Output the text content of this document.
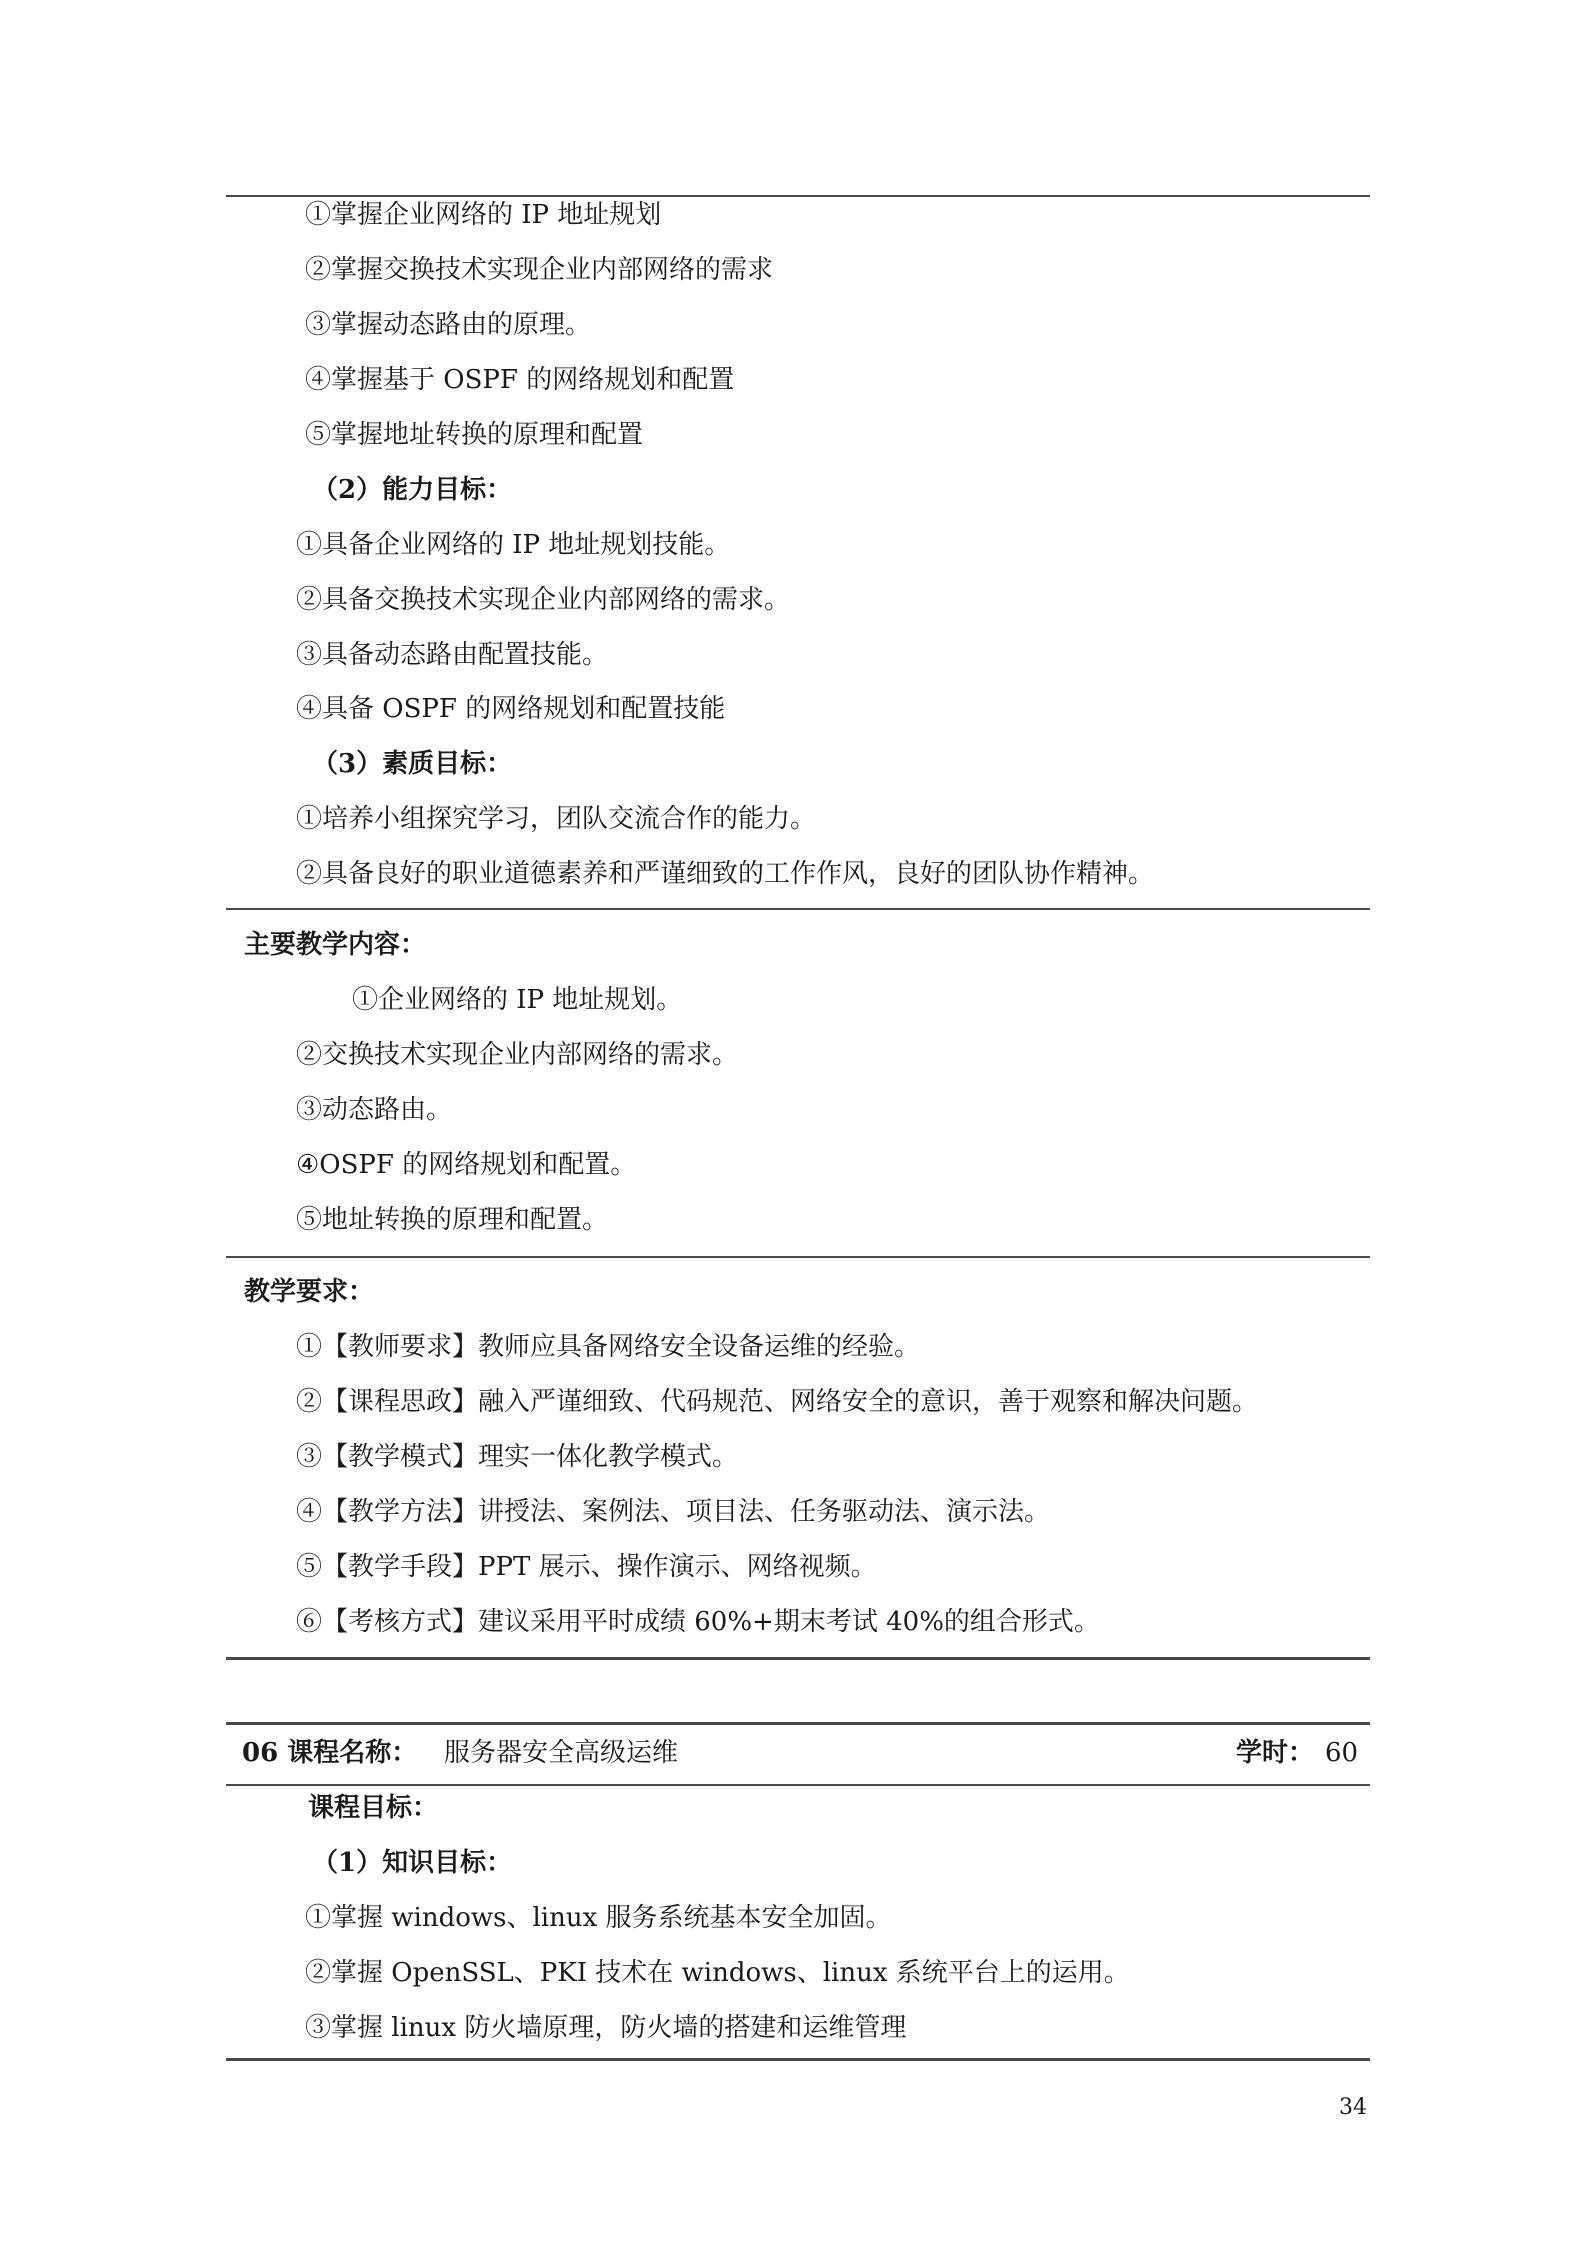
①掌握企业网络的 IP 地址规划
②掌握交换技术实现企业内部网络的需求
③掌握动态路由的原理。
④掌握基于 OSPF 的网络规划和配置
⑤掌握地址转换的原理和配置
（2）能力目标：
①具备企业网络的 IP 地址规划技能。
②具备交换技术实现企业内部网络的需求。
③具备动态路由配置技能。
④具备 OSPF 的网络规划和配置技能
（3）素质目标：
①培养小组探究学习，团队交流合作的能力。
②具备良好的职业道德素养和严谨细致的工作作风，良好的团队协作精神。
主要教学内容：
①企业网络的 IP 地址规划。
②交换技术实现企业内部网络的需求。
③动态路由。
④OSPF 的网络规划和配置。
⑤地址转换的原理和配置。
教学要求：
①【教师要求】教师应具备网络安全设备运维的经验。
②【课程思政】融入严谨细致、代码规范、网络安全的意识，善于观察和解决问题。
③【教学模式】理实一体化教学模式。
④【教学方法】讲授法、案例法、项目法、任务驱动法、演示法。
⑤【教学手段】PPT 展示、操作演示、网络视频。
⑥【考核方式】建议采用平时成绩 60%+期末考试 40%的组合形式。
06 课程名称： 服务器安全高级运维	学时： 60
课程目标：
（1）知识目标：
①掌握 windows、linux 服务系统基本安全加固。
②掌握 OpenSSL、PKI 技术在 windows、linux 系统平台上的运用。
③掌握 linux 防火墙原理，防火墙的搭建和运维管理
34
